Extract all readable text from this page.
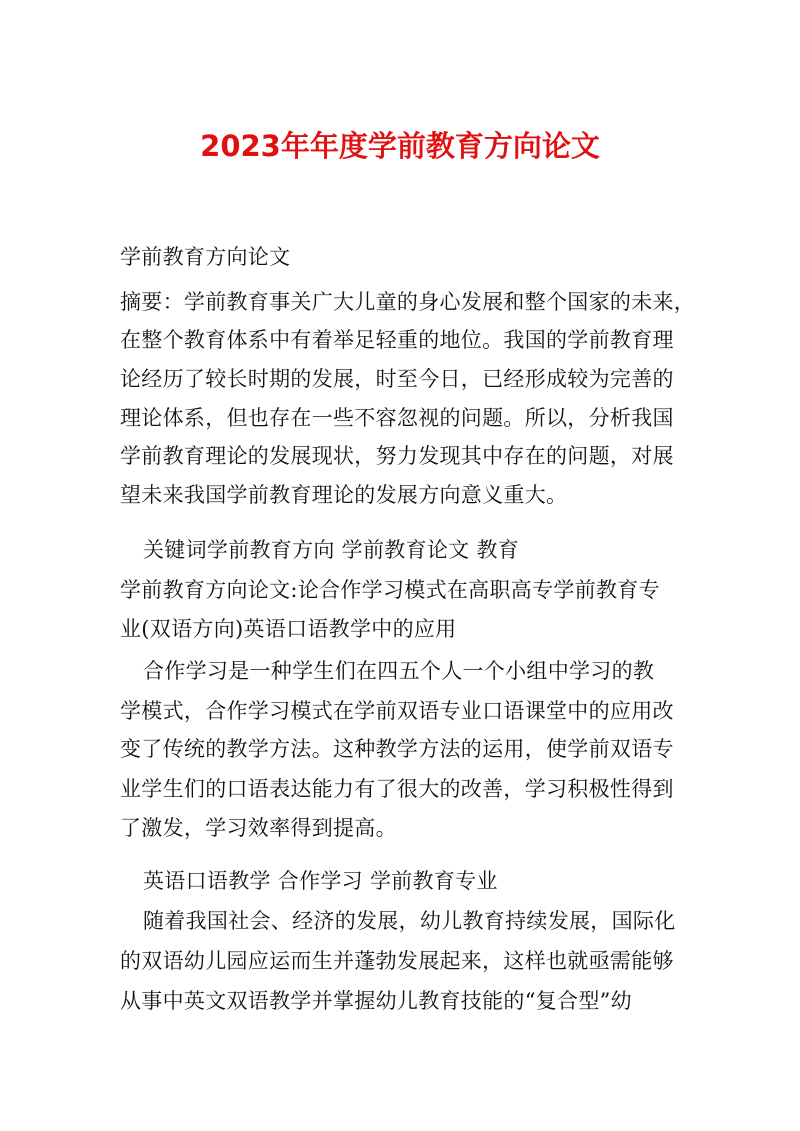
2023年年度学前教育方向论文
学前教育方向论文
摘要：学前教育事关广大儿童的身心发展和整个国家的未来，
在整个教育体系中有着举足轻重的地位。我国的学前教育理
论经历了较长时期的发展，时至今日，已经形成较为完善的
理论体系，但也存在一些不容忽视的问题。所以，分析我国
学前教育理论的发展现状，努力发现其中存在的问题，对展
望未来我国学前教育理论的发展方向意义重大。
关键词学前教育方向 学前教育论文 教育
学前教育方向论文:论合作学习模式在高职高专学前教育专
业(双语方向)英语口语教学中的应用
合作学习是一种学生们在四五个人一个小组中学习的教
学模式，合作学习模式在学前双语专业口语课堂中的应用改
变了传统的教学方法。这种教学方法的运用，使学前双语专
业学生们的口语表达能力有了很大的改善，学习积极性得到
了激发，学习效率得到提高。
英语口语教学 合作学习 学前教育专业
随着我国社会、经济的发展，幼儿教育持续发展，国际化
的双语幼儿园应运而生并蓬勃发展起来，这样也就亟需能够
从事中英文双语教学并掌握幼儿教育技能的“复合型”幼
